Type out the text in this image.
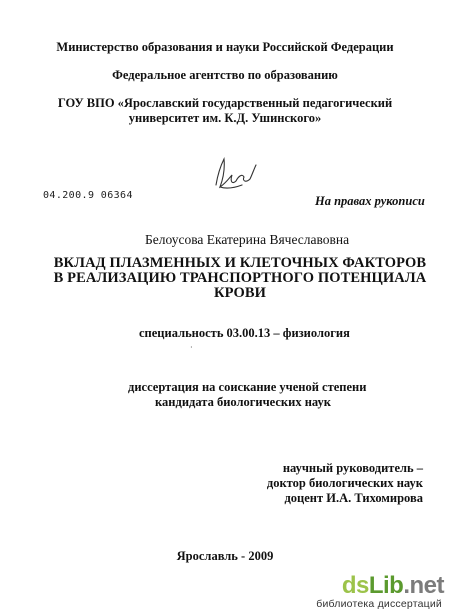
Министерство образования и науки Российской Федерации
Федеральное агентство по образованию
ГОУ ВПО «Ярославский государственный педагогический
университет им. К.Д. Ушинского»
04.200.9 06364	На правах рукописи
Белоусова Екатерина Вячеславовна
ВКЛАД ПЛАЗМЕННЫХ И КЛЕТОЧНЫХ ФАКТОРОВ
В РЕАЛИЗАЦИЮ ТРАНСПОРТНОГО ПОТЕНЦИАЛА
КРОВИ
специальность 03.00.13 – физиология
·
диссертация на соискание ученой степени
кандидата биологических наук
научный руководитель –
доктор биологических наук
доцент И.А. Тихомирова
Ярославль - 2009
dsLib.net
библиотека диссертаций
